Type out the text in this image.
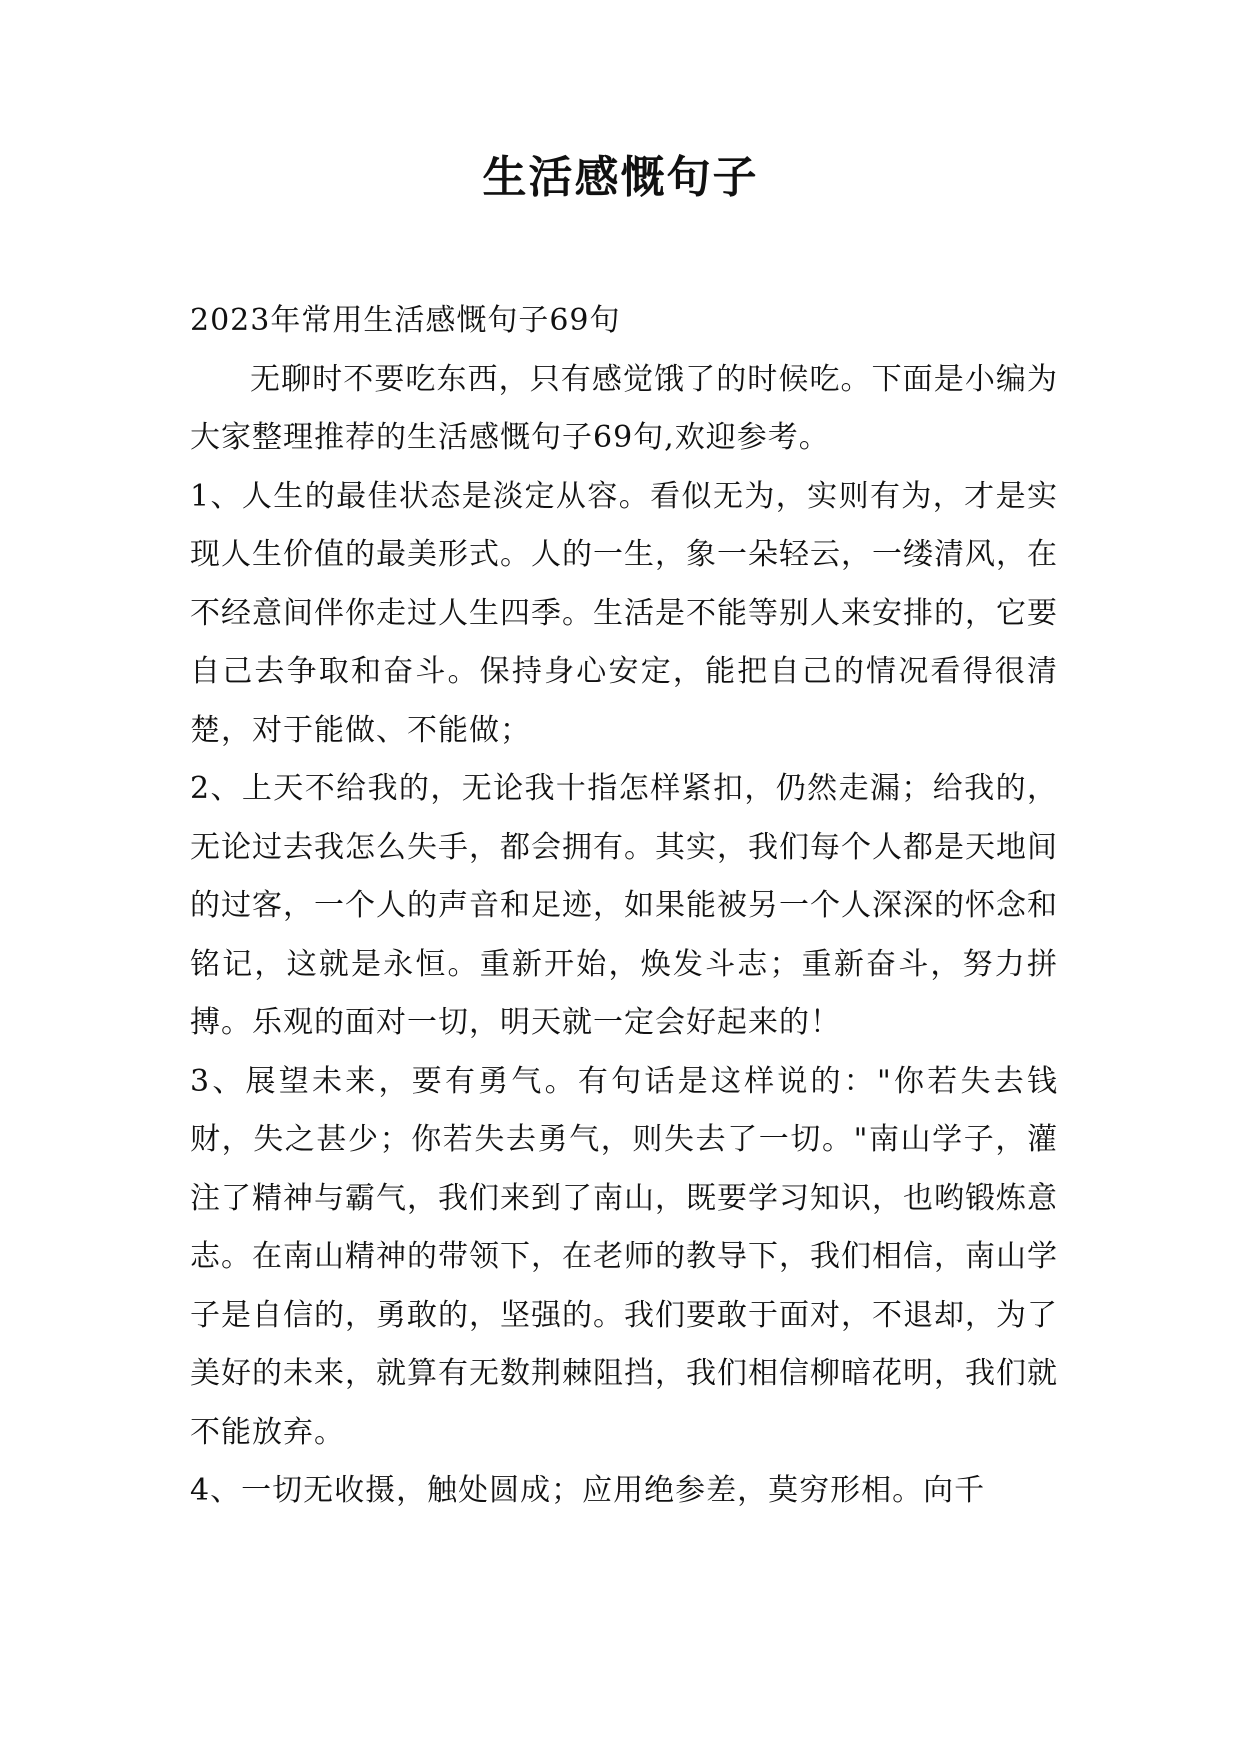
生活感慨句子

2023年常用生活感慨句子69句

无聊时不要吃东西，只有感觉饿了的时候吃。下面是小编为大家整理推荐的生活感慨句子69句,欢迎参考。

1、人生的最佳状态是淡定从容。看似无为，实则有为，才是实现人生价值的最美形式。人的一生，象一朵轻云，一缕清风，在不经意间伴你走过人生四季。生活是不能等别人来安排的，它要自己去争取和奋斗。保持身心安定，能把自己的情况看得很清楚，对于能做、不能做；

2、上天不给我的，无论我十指怎样紧扣，仍然走漏；给我的，无论过去我怎么失手，都会拥有。其实，我们每个人都是天地间的过客，一个人的声音和足迹，如果能被另一个人深深的怀念和铭记，这就是永恒。重新开始，焕发斗志；重新奋斗，努力拼搏。乐观的面对一切，明天就一定会好起来的！

3、展望未来，要有勇气。有句话是这样说的："你若失去钱财，失之甚少；你若失去勇气，则失去了一切。"南山学子，灌注了精神与霸气，我们来到了南山，既要学习知识，也哟锻炼意志。在南山精神的带领下，在老师的教导下，我们相信，南山学子是自信的，勇敢的，坚强的。我们要敢于面对，不退却，为了美好的未来，就算有无数荆棘阻挡，我们相信柳暗花明，我们就不能放弃。

4、一切无收摄，触处圆成；应用绝参差，莫穷形相。向千
